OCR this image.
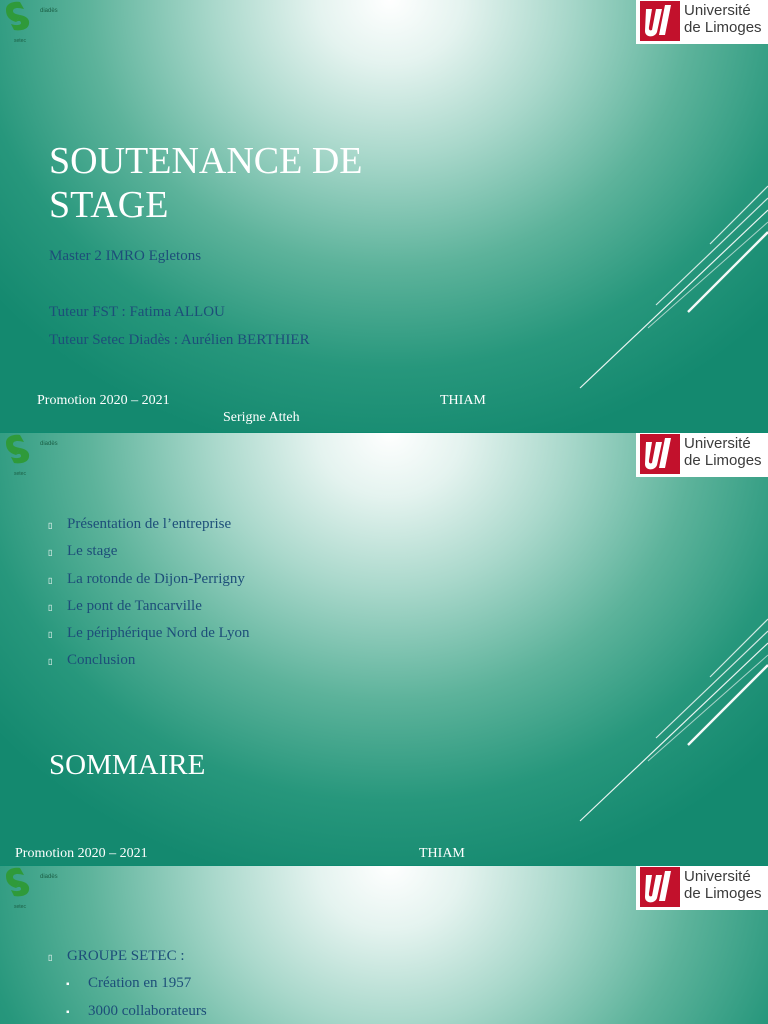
diadès
setec
Université
de Limoges
SOUTENANCE DE
STAGE
Master 2 IMRO Egletons
Tuteur FST : Fatima ALLOU
Tuteur Setec Diadès : Aurélien BERTHIER
Promotion 2020 – 2021	THIAM
Serigne Atteh
diadès
setec
Université
de Limoges
▯ Présentation de l’entreprise
▯ Le stage
▯ La rotonde de Dijon-Perrigny
▯ Le pont de Tancarville
▯ Le périphérique Nord de Lyon
▯ Conclusion
SOMMAIRE
Promotion 2020 – 2021	THIAM
diadès
setec
Université
de Limoges
▯ GROUPE SETEC :
▪ Création en 1957
▪ 3000 collaborateurs
